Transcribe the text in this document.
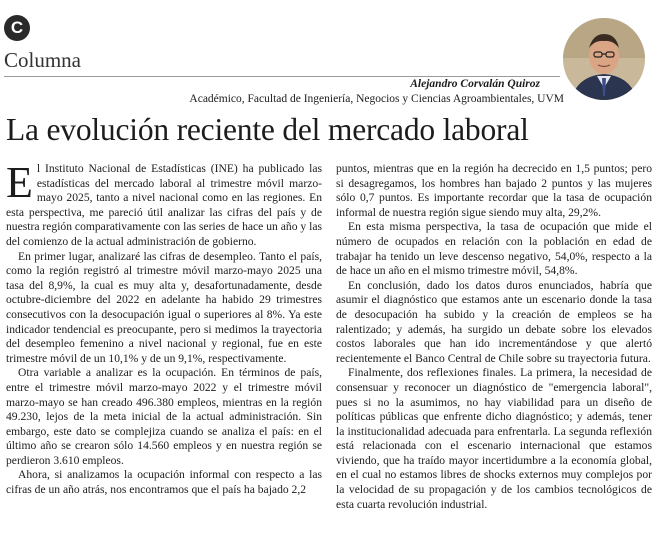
C
Columna
Alejandro Corvalán Quiroz
Académico, Facultad de Ingeniería, Negocios y Ciencias Agroambientales, UVM
La evolución reciente del mercado laboral

El Instituto Nacional de Estadísticas (INE) ha publicado las estadísticas del mercado laboral al trimestre móvil marzo-mayo 2025, tanto a nivel nacional como en las regiones. En esta perspectiva, me pareció útil analizar las cifras del país y de nuestra región comparativamente con las series de hace un año y las del comienzo de la actual administración de gobierno.

En primer lugar, analizaré las cifras de desempleo. Tanto el país, como la región registró al trimestre móvil marzo-mayo 2025 una tasa del 8,9%, la cual es muy alta y, desafortunadamente, desde octubre-diciembre del 2022 en adelante ha habido 29 trimestres consecutivos con la desocupación igual o superiores al 8%. Ya este indicador tendencial es preocupante, pero si medimos la trayectoria del desempleo femenino a nivel nacional y regional, fue en este trimestre móvil de un 10,1% y de un 9,1%, respectivamente.

Otra variable a analizar es la ocupación. En términos de país, entre el trimestre móvil marzo-mayo 2022 y el trimestre móvil marzo-mayo se han creado 496.380 empleos, mientras en la región 49.230, lejos de la meta inicial de la actual administración. Sin embargo, este dato se complejiza cuando se analiza el país: en el último año se crearon sólo 14.560 empleos y en nuestra región se perdieron 3.610 empleos.

Ahora, si analizamos la ocupación informal con respecto a las cifras de un año atrás, nos encontramos que el país ha bajado 2,2

puntos, mientras que en la región ha decrecido en 1,5 puntos; pero si desagregamos, los hombres han bajado 2 puntos y las mujeres sólo 0,7 puntos. Es importante recordar que la tasa de ocupación informal de nuestra región sigue siendo muy alta, 29,2%.

En esta misma perspectiva, la tasa de ocupación que mide el número de ocupados en relación con la población en edad de trabajar ha tenido un leve descenso negativo, 54,0%, respecto a la de hace un año en el mismo trimestre móvil, 54,8%.

En conclusión, dado los datos duros enunciados, habría que asumir el diagnóstico que estamos ante un escenario donde la tasa de desocupación ha subido y la creación de empleos se ha ralentizado; y además, ha surgido un debate sobre los elevados costos laborales que han ido incrementándose y que alertó recientemente el Banco Central de Chile sobre su trayectoria futura.

Finalmente, dos reflexiones finales. La primera, la necesidad de consensuar y reconocer un diagnóstico de "emergencia laboral", pues si no la asumimos, no hay viabilidad para un diseño de políticas públicas que enfrente dicho diagnóstico; y además, tener la institucionalidad adecuada para enfrentarla. La segunda reflexión está relacionada con el escenario internacional que estamos viviendo, que ha traído mayor incertidumbre a la economía global, en el cual no estamos libres de shocks externos muy complejos por la velocidad de su propagación y de los cambios tecnológicos de esta cuarta revolución industrial.
